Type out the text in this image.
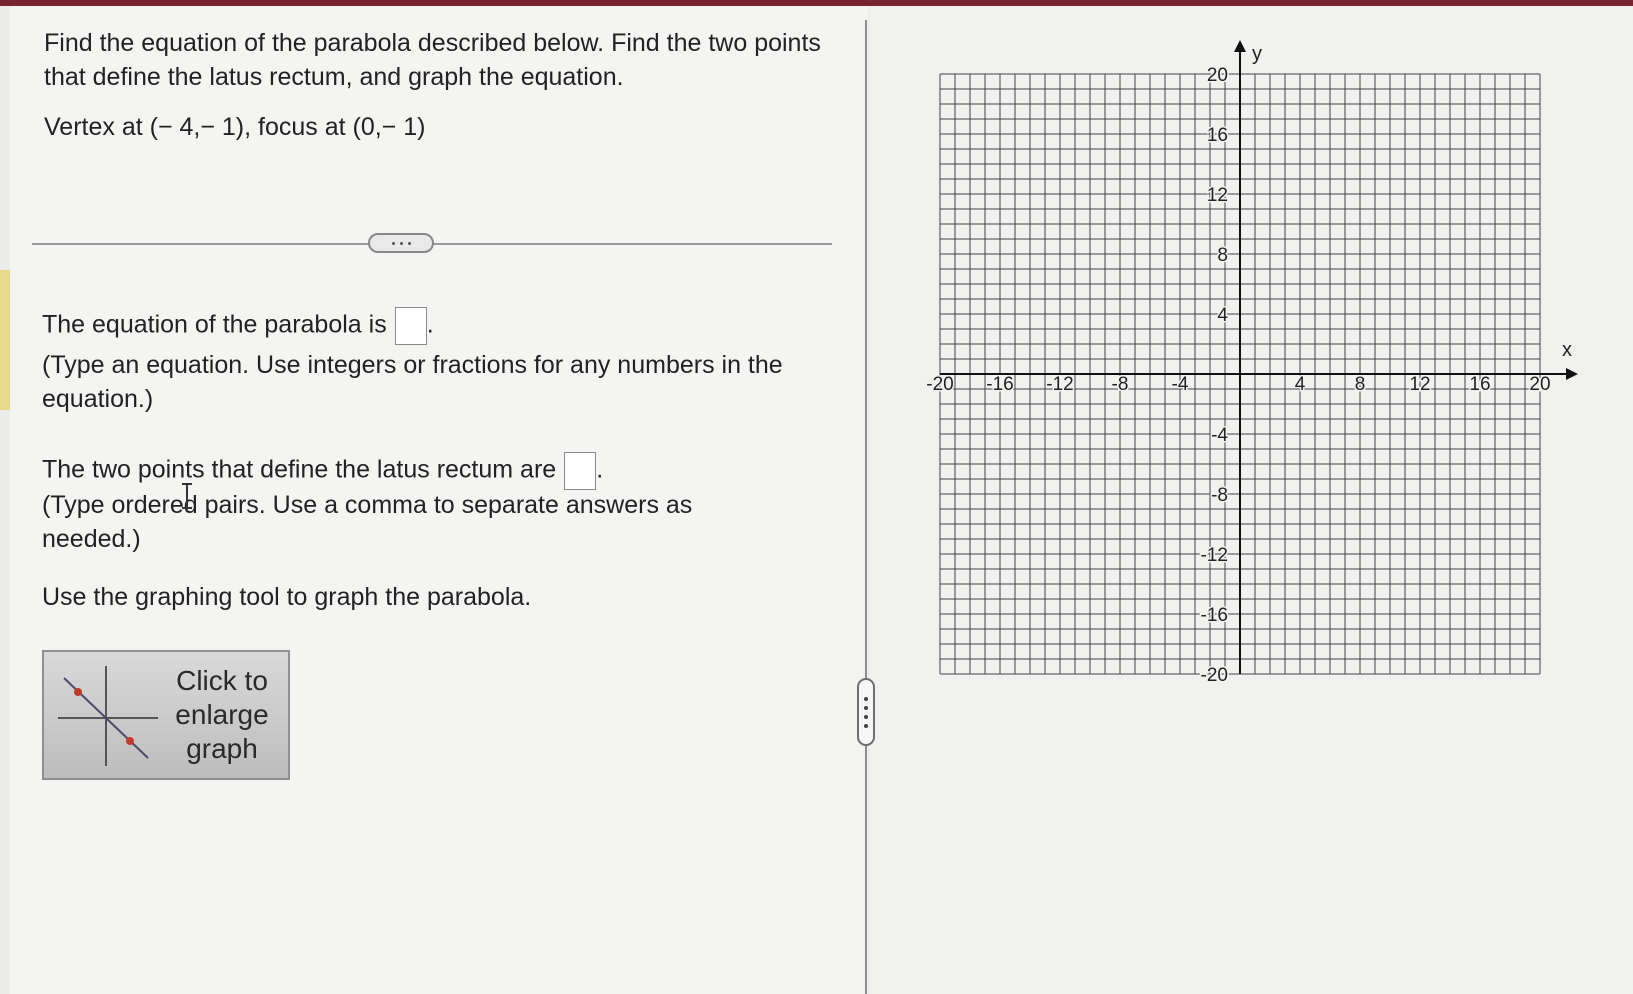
Find the equation of the parabola described below. Find the two points that define the latus rectum, and graph the equation.

Vertex at (− 4,− 1), focus at (0,− 1)

The equation of the parabola is .

(Type an equation. Use integers or fractions for any numbers in the equation.)

The two points that define the latus rectum are .

(Type ordered pairs. Use a comma to separate answers as needed.)

Use the graphing tool to graph the parabola.

Click to enlarge graph
-20 -16 -12 -8 -4	4	8 12 16 20
20
16
12
8
4
-4
-8
-12
-16
-20
x
y
